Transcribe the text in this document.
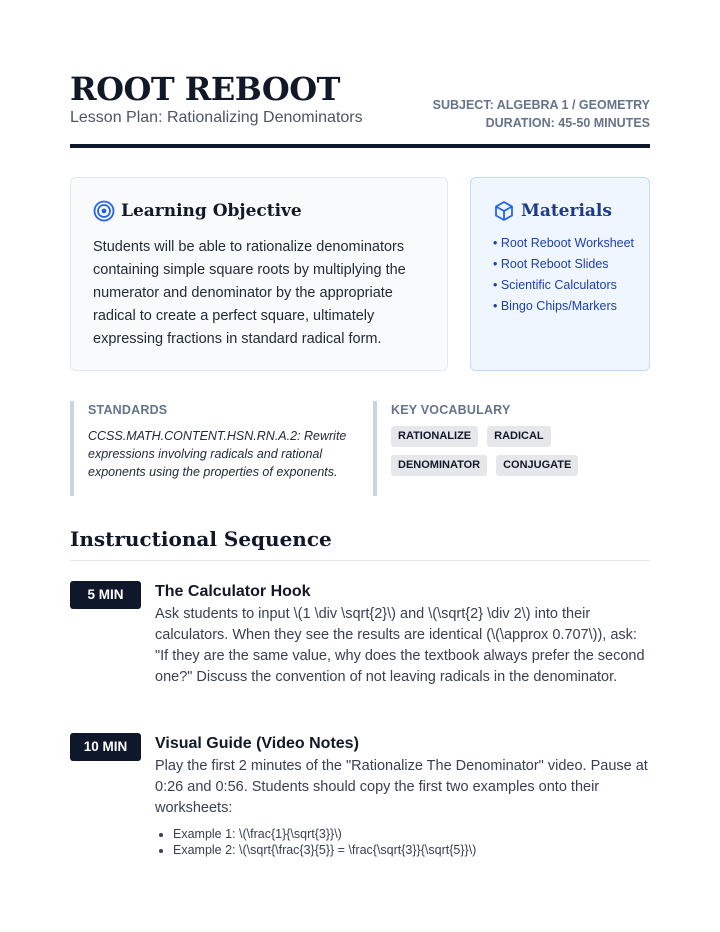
ROOT REBOOT
Lesson Plan: Rationalizing Denominators
SUBJECT: ALGEBRA 1 / GEOMETRY
DURATION: 45-50 MINUTES
Learning Objective
Students will be able to rationalize denominators containing simple square roots by multiplying the numerator and denominator by the appropriate radical to create a perfect square, ultimately expressing fractions in standard radical form.
Materials
• Root Reboot Worksheet
• Root Reboot Slides
• Scientific Calculators
• Bingo Chips/Markers
STANDARDS
CCSS.MATH.CONTENT.HSN.RN.A.2: Rewrite expressions involving radicals and rational exponents using the properties of exponents.
KEY VOCABULARY
RATIONALIZE	RADICAL
DENOMINATOR	CONJUGATE
Instructional Sequence
5 MIN	The Calculator Hook
Ask students to input \(1 \div \sqrt{2}\) and \(\sqrt{2} \div 2\) into their calculators. When they see the results are identical (\(\approx 0.707\)), ask: "If they are the same value, why does the textbook always prefer the second one?" Discuss the convention of not leaving radicals in the denominator.
10 MIN	Visual Guide (Video Notes)
Play the first 2 minutes of the "Rationalize The Denominator" video. Pause at 0:26 and 0:56. Students should copy the first two examples onto their worksheets:
• Example 1: \(\frac{1}{\sqrt{3}}\)
• Example 2: \(\sqrt{\frac{3}{5}} = \frac{\sqrt{3}}{\sqrt{5}}\)
